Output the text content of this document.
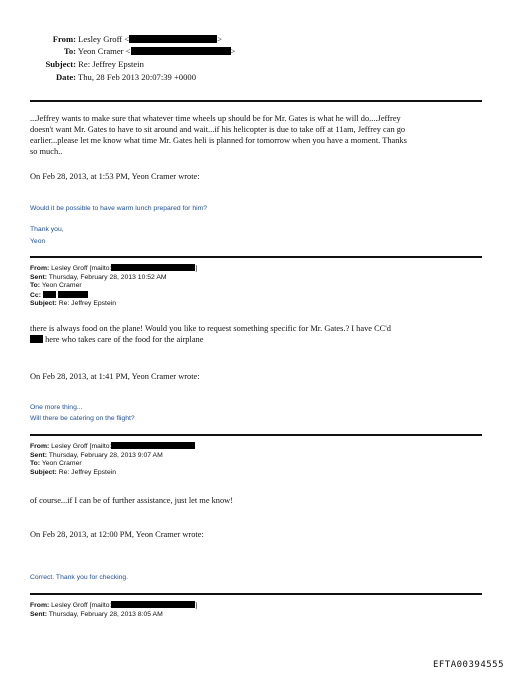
From: Lesley Groff <	>
To: Yeon Cramer <	>
Subject: Re: Jeffrey Epstein
Date: Thu, 28 Feb 2013 20:07:39 +0000
...Jeffrey wants to make sure that whatever time wheels up should be for Mr. Gates is what he will do....Jeffrey
doesn't want Mr. Gates to have to sit around and wait...if his helicopter is due to take off at 11am, Jeffrey can go
earlier...please let me know what time Mr. Gates heli is planned for tomorrow when you have a moment. Thanks
so much..
On Feb 28, 2013, at 1:53 PM, Yeon Cramer wrote:
Would it be possible to have warm lunch prepared for him?
Thank you,
Yeon
From: Lesley Groff [mailto:	]
Sent: Thursday, February 28, 2013 10:52 AM
To: Yeon Cramer
Cc:
Subject: Re: Jeffrey Epstein
there is always food on the plane! Would you like to request something specific for Mr. Gates.? I have CC'd
here who takes care of the food for the airplane
On Feb 28, 2013, at 1:41 PM, Yeon Cramer wrote:
One more thing...
Will there be catering on the flight?
From: Lesley Groff [mailto:
Sent: Thursday, February 28, 2013 9:07 AM
To: Yeon Cramer
Subject: Re: Jeffrey Epstein
of course...if I can be of further assistance, just let me know!
On Feb 28, 2013, at 12:00 PM, Yeon Cramer wrote:
Correct. Thank you for checking.
From: Lesley Groff [mailto:	]
Sent: Thursday, February 28, 2013 8:05 AM
EFTA00394555
